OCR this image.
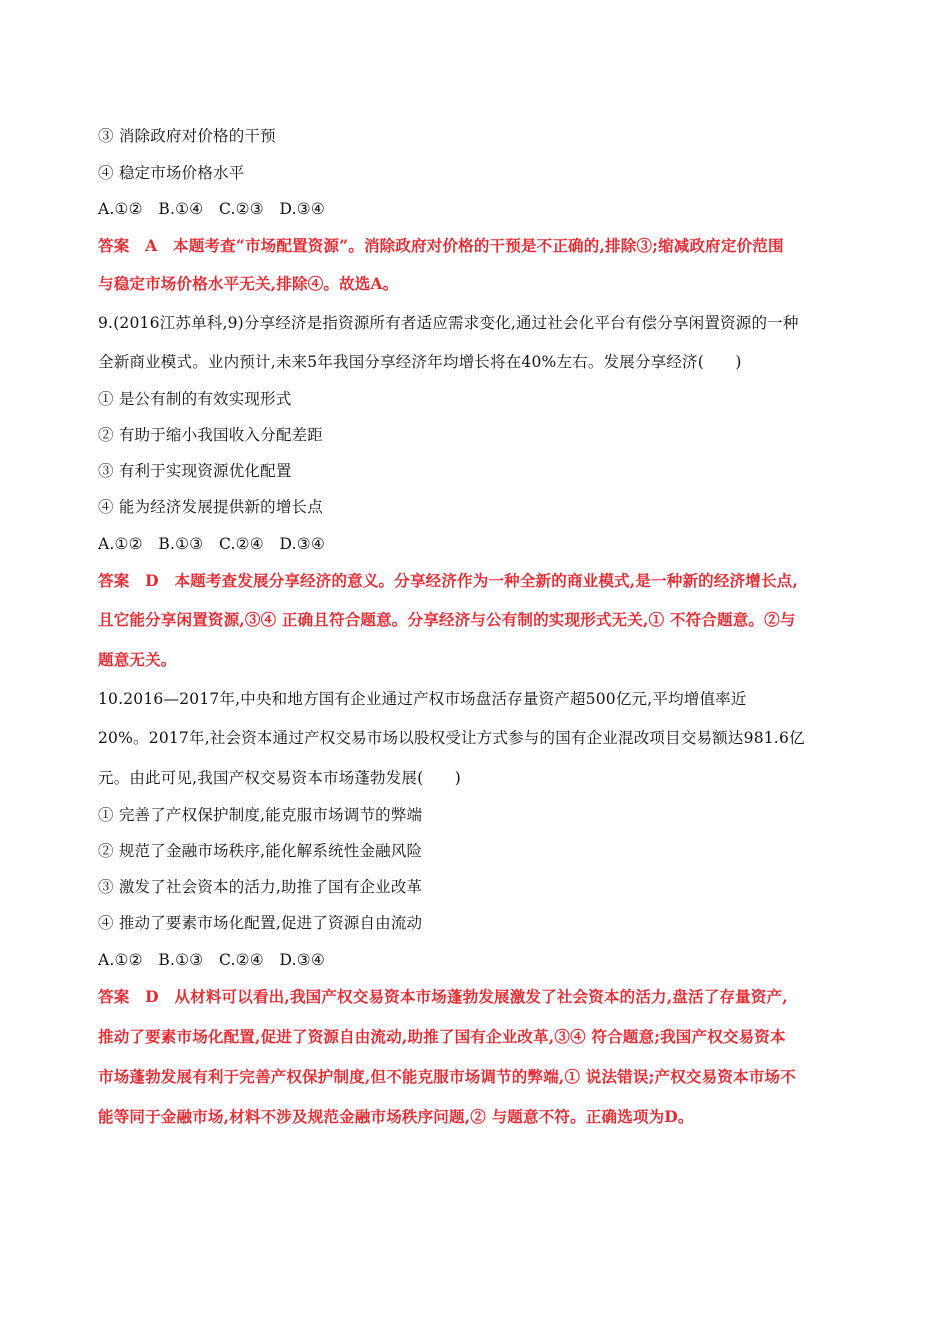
③ 消除政府对价格的干预
④ 稳定市场价格水平
A.①②　B.①④　C.②③　D.③④
答案　A　本题考查“市场配置资源”。消除政府对价格的干预是不正确的,排除③;缩减政府定价范围
与稳定市场价格水平无关,排除④。故选A。
9.(2016江苏单科,9)分享经济是指资源所有者适应需求变化,通过社会化平台有偿分享闲置资源的一种
全新商业模式。业内预计,未来5年我国分享经济年均增长将在40%左右。发展分享经济(　　)
① 是公有制的有效实现形式
② 有助于缩小我国收入分配差距
③ 有利于实现资源优化配置
④ 能为经济发展提供新的增长点
A.①②　B.①③　C.②④　D.③④
答案　D　本题考查发展分享经济的意义。分享经济作为一种全新的商业模式,是一种新的经济增长点,
且它能分享闲置资源,③④ 正确且符合题意。分享经济与公有制的实现形式无关,① 不符合题意。②与
题意无关。
10.2016—2017年,中央和地方国有企业通过产权市场盘活存量资产超500亿元,平均增值率近
20%。2017年,社会资本通过产权交易市场以股权受让方式参与的国有企业混改项目交易额达981.6亿
元。由此可见,我国产权交易资本市场蓬勃发展(　　)
① 完善了产权保护制度,能克服市场调节的弊端
② 规范了金融市场秩序,能化解系统性金融风险
③ 激发了社会资本的活力,助推了国有企业改革
④ 推动了要素市场化配置,促进了资源自由流动
A.①②　B.①③　C.②④　D.③④
答案　D　从材料可以看出,我国产权交易资本市场蓬勃发展激发了社会资本的活力,盘活了存量资产,
推动了要素市场化配置,促进了资源自由流动,助推了国有企业改革,③④ 符合题意;我国产权交易资本
市场蓬勃发展有利于完善产权保护制度,但不能克服市场调节的弊端,① 说法错误;产权交易资本市场不
能等同于金融市场,材料不涉及规范金融市场秩序问题,② 与题意不符。正确选项为D。
